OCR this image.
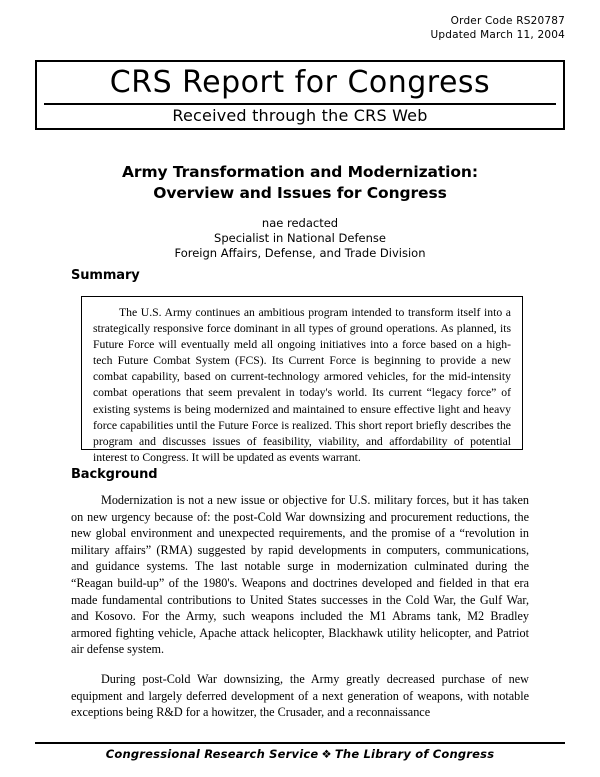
Order Code RS20787
Updated March 11, 2004
CRS Report for Congress
Received through the CRS Web
Army Transformation and Modernization:
Overview and Issues for Congress
nae redacted
Specialist in National Defense
Foreign Affairs, Defense, and Trade Division
Summary
The U.S. Army continues an ambitious program intended to transform itself into a strategically responsive force dominant in all types of ground operations. As planned, its Future Force will eventually meld all ongoing initiatives into a force based on a high-tech Future Combat System (FCS). Its Current Force is beginning to provide a new combat capability, based on current-technology armored vehicles, for the mid-intensity combat operations that seem prevalent in today's world. Its current “legacy force” of existing systems is being modernized and maintained to ensure effective light and heavy force capabilities until the Future Force is realized. This short report briefly describes the program and discusses issues of feasibility, viability, and affordability of potential interest to Congress. It will be updated as events warrant.
Background

Modernization is not a new issue or objective for U.S. military forces, but it has taken on new urgency because of: the post-Cold War downsizing and procurement reductions, the new global environment and unexpected requirements, and the promise of a “revolution in military affairs” (RMA) suggested by rapid developments in computers, communications, and guidance systems. The last notable surge in modernization culminated during the “Reagan build-up” of the 1980's. Weapons and doctrines developed and fielded in that era made fundamental contributions to United States successes in the Cold War, the Gulf War, and Kosovo. For the Army, such weapons included the M1 Abrams tank, M2 Bradley armored fighting vehicle, Apache attack helicopter, Blackhawk utility helicopter, and Patriot air defense system.

During post-Cold War downsizing, the Army greatly decreased purchase of new equipment and largely deferred development of a next generation of weapons, with notable exceptions being R&D for a howitzer, the Crusader, and a reconnaissance

Congressional Research Service ❖ The Library of Congress
